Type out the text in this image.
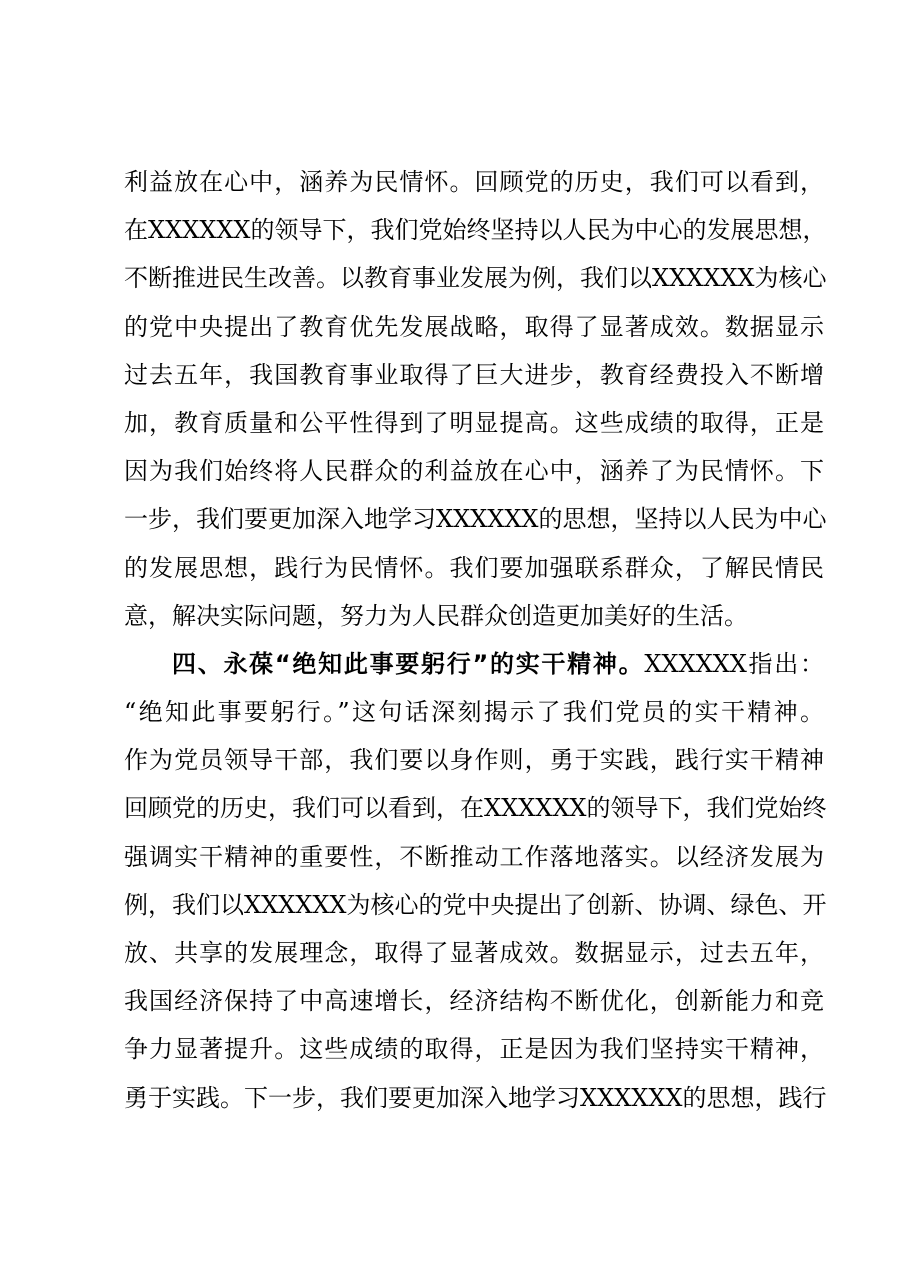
利益放在心中，涵养为民情怀。回顾党的历史，我们可以看到，
在XXXXXX的领导下，我们党始终坚持以人民为中心的发展思想，
不断推进民生改善。以教育事业发展为例，我们以XXXXXX为核心
的党中央提出了教育优先发展战略，取得了显著成效。数据显示
过去五年，我国教育事业取得了巨大进步，教育经费投入不断增
加，教育质量和公平性得到了明显提高。这些成绩的取得，正是
因为我们始终将人民群众的利益放在心中，涵养了为民情怀。下
一步，我们要更加深入地学习XXXXXX的思想，坚持以人民为中心
的发展思想，践行为民情怀。我们要加强联系群众，了解民情民
意，解决实际问题，努力为人民群众创造更加美好的生活。
四、永葆“绝知此事要躬行”的实干精神。XXXXXX指出：
“绝知此事要躬行。”这句话深刻揭示了我们党员的实干精神。
作为党员领导干部，我们要以身作则，勇于实践，践行实干精神
回顾党的历史，我们可以看到，在XXXXXX的领导下，我们党始终
强调实干精神的重要性，不断推动工作落地落实。以经济发展为
例，我们以XXXXXX为核心的党中央提出了创新、协调、绿色、开
放、共享的发展理念，取得了显著成效。数据显示，过去五年，
我国经济保持了中高速增长，经济结构不断优化，创新能力和竞
争力显著提升。这些成绩的取得，正是因为我们坚持实干精神，
勇于实践。下一步，我们要更加深入地学习XXXXXX的思想，践行
